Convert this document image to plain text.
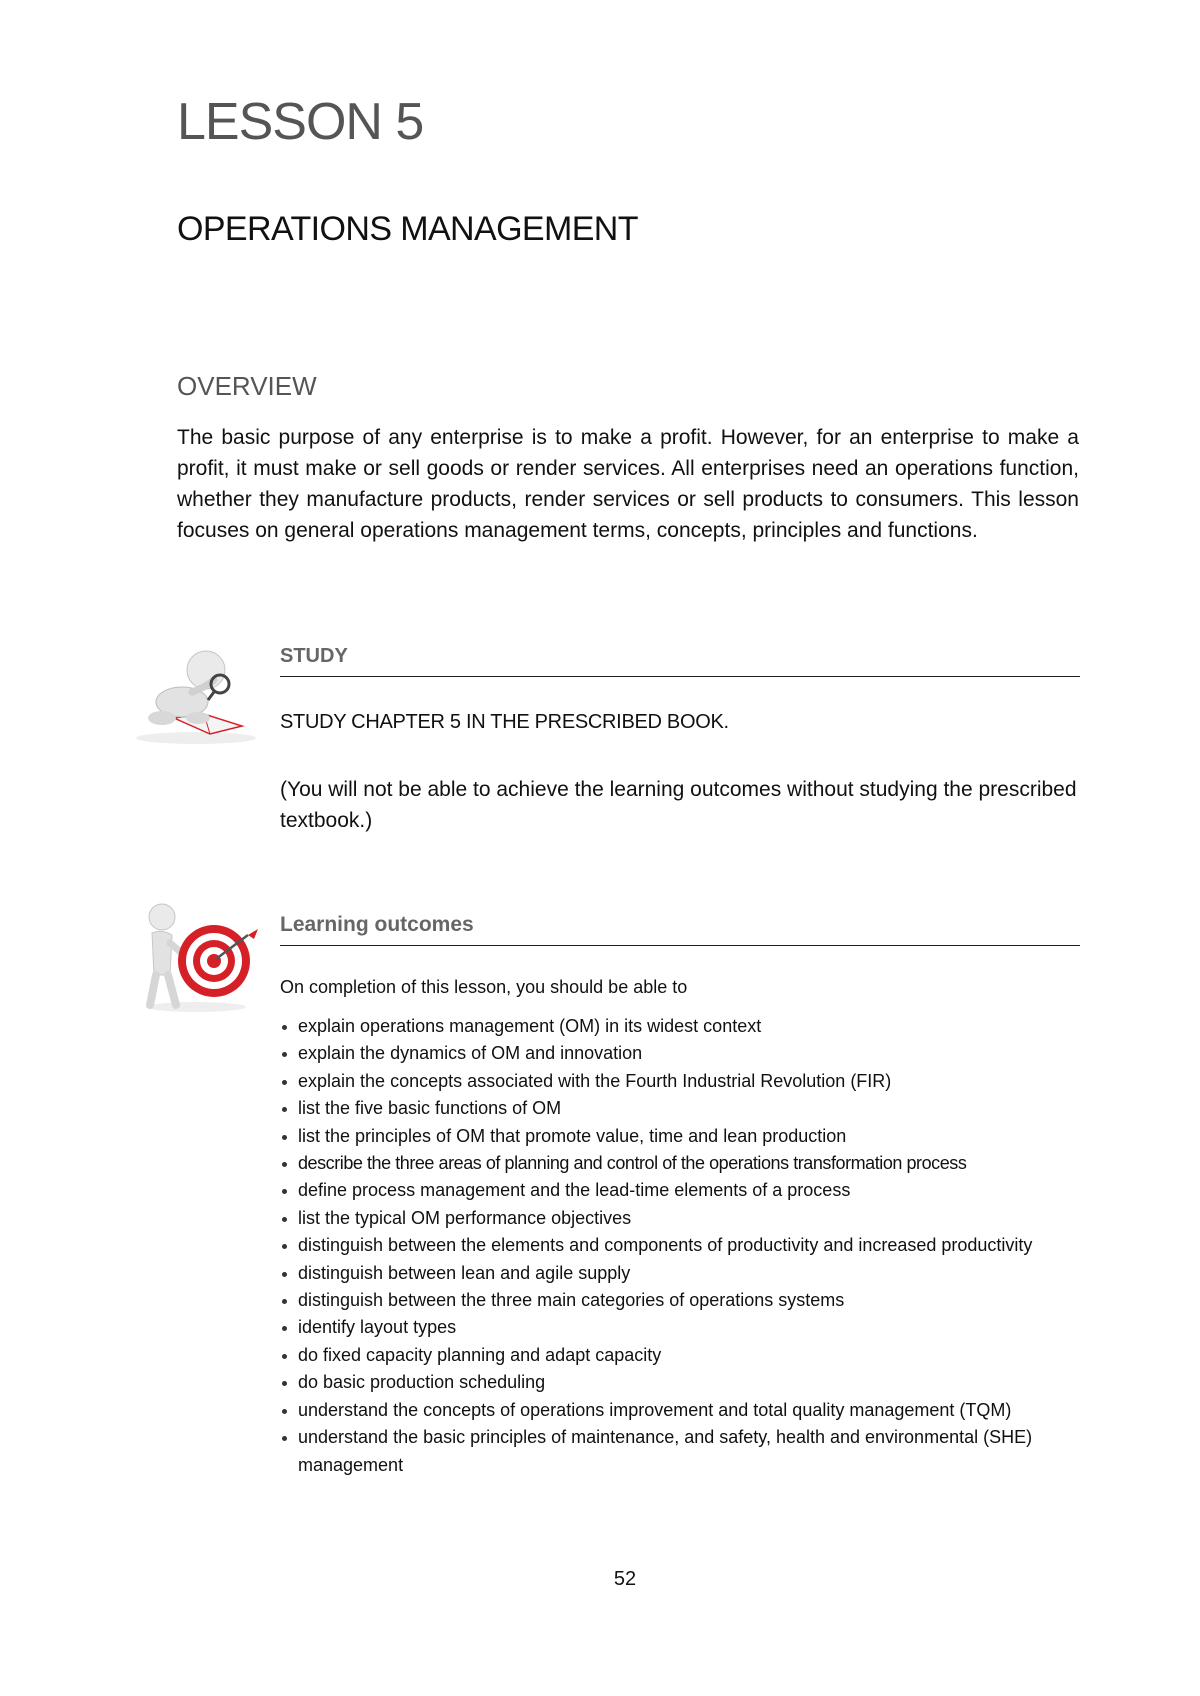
LESSON 5
OPERATIONS MANAGEMENT
OVERVIEW

The basic purpose of any enterprise is to make a profit. However, for an enterprise to make a profit, it must make or sell goods or render services. All enterprises need an operations function, whether they manufacture products, render services or sell products to consumers. This lesson focuses on general operations management terms, concepts, principles and functions.

STUDY

STUDY CHAPTER 5 IN THE PRESCRIBED BOOK.

(You will not be able to achieve the learning outcomes without studying the prescribed textbook.)

Learning outcomes

On completion of this lesson, you should be able to

explain operations management (OM) in its widest context
explain the dynamics of OM and innovation
explain the concepts associated with the Fourth Industrial Revolution (FIR)
list the five basic functions of OM
list the principles of OM that promote value, time and lean production
describe the three areas of planning and control of the operations transformation process
define process management and the lead-time elements of a process
list the typical OM performance objectives
distinguish between the elements and components of productivity and increased productivity
distinguish between lean and agile supply
distinguish between the three main categories of operations systems
identify layout types
do fixed capacity planning and adapt capacity
do basic production scheduling
understand the concepts of operations improvement and total quality management (TQM)
understand the basic principles of maintenance, and safety, health and environmental (SHE) management

52
